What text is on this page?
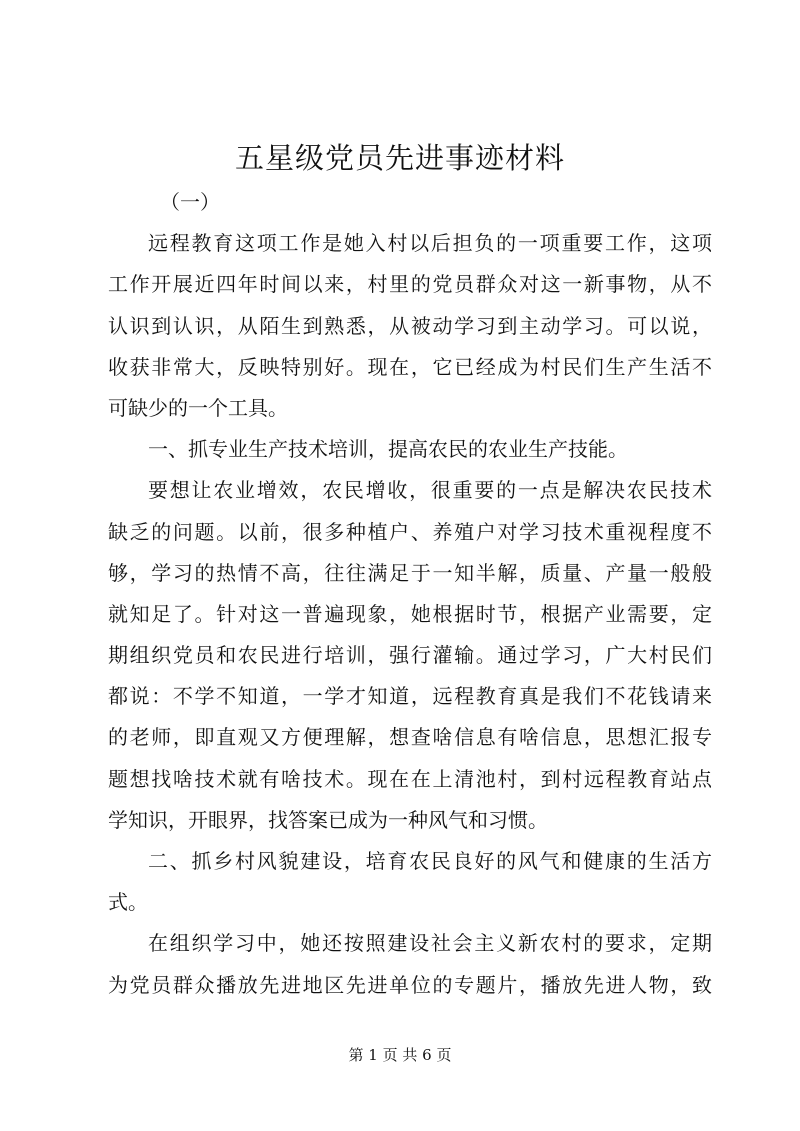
五星级党员先进事迹材料
（一）
远程教育这项工作是她入村以后担负的一项重要工作，这项
工作开展近四年时间以来，村里的党员群众对这一新事物，从不
认识到认识，从陌生到熟悉，从被动学习到主动学习。可以说，
收获非常大，反映特别好。现在，它已经成为村民们生产生活不
可缺少的一个工具。
一、抓专业生产技术培训，提高农民的农业生产技能。
要想让农业增效，农民增收，很重要的一点是解决农民技术
缺乏的问题。以前，很多种植户、养殖户对学习技术重视程度不
够，学习的热情不高，往往满足于一知半解，质量、产量一般般
就知足了。针对这一普遍现象，她根据时节，根据产业需要，定
期组织党员和农民进行培训，强行灌输。通过学习，广大村民们
都说：不学不知道，一学才知道，远程教育真是我们不花钱请来
的老师，即直观又方便理解，想查啥信息有啥信息，思想汇报专
题想找啥技术就有啥技术。现在在上清池村，到村远程教育站点
学知识，开眼界，找答案已成为一种风气和习惯。
二、抓乡村风貌建设，培育农民良好的风气和健康的生活方
式。
在组织学习中，她还按照建设社会主义新农村的要求，定期
为党员群众播放先进地区先进单位的专题片，播放先进人物，致
第 1 页 共 6 页
